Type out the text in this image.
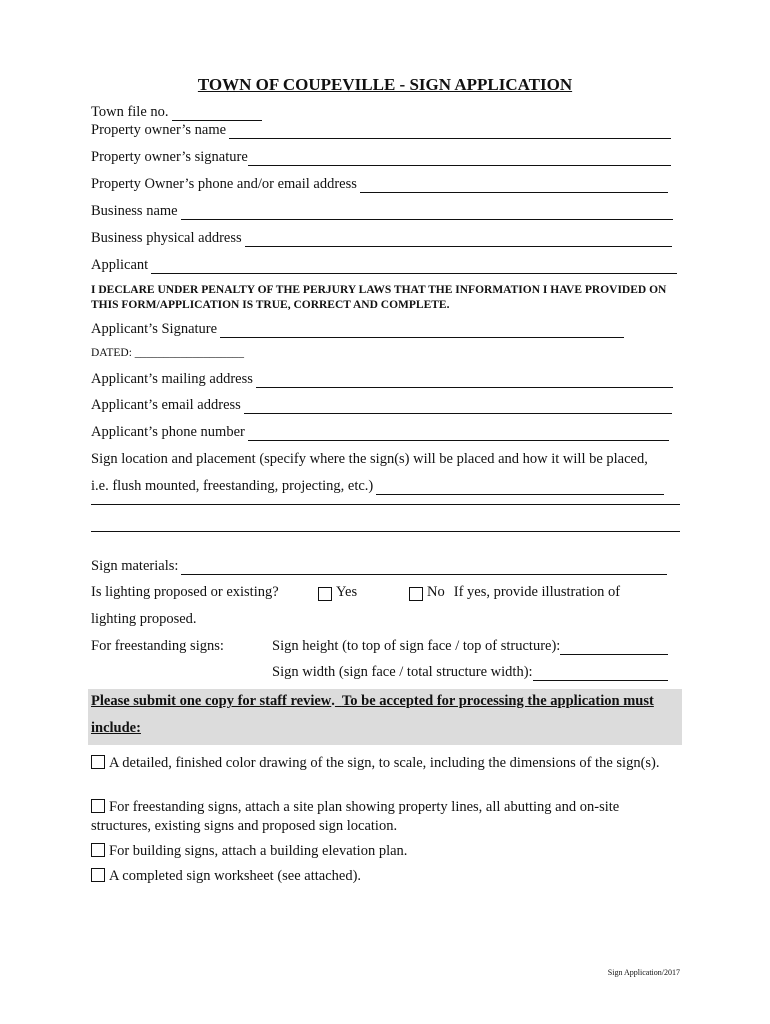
TOWN OF COUPEVILLE - SIGN APPLICATION
Town file no.
Property owner’s name
Property owner’s signature
Property Owner’s phone and/or email address
Business name
Business physical address
Applicant
I DECLARE UNDER PENALTY OF THE PERJURY LAWS THAT THE INFORMATION I HAVE PROVIDED ON THIS FORM/APPLICATION IS TRUE, CORRECT AND COMPLETE.
Applicant’s Signature
DATED: ___________________
Applicant’s mailing address
Applicant’s email address
Applicant’s phone number
Sign location and placement (specify where the sign(s) will be placed and how it will be placed,
i.e. flush mounted, freestanding, projecting, etc.)
Sign materials:
Is lighting proposed or existing?	Yes	No If yes, provide illustration of
lighting proposed.
For freestanding signs:	Sign height (to top of sign face / top of structure):
Sign width (sign face / total structure width):
Please submit one copy for staff review. To be accepted for processing the application must
include:
A detailed, finished color drawing of the sign, to scale, including the dimensions of the sign(s).
For freestanding signs, attach a site plan showing property lines, all abutting and on-site structures, existing signs and proposed sign location.
For building signs, attach a building elevation plan.
A completed sign worksheet (see attached).
Sign Application/2017
